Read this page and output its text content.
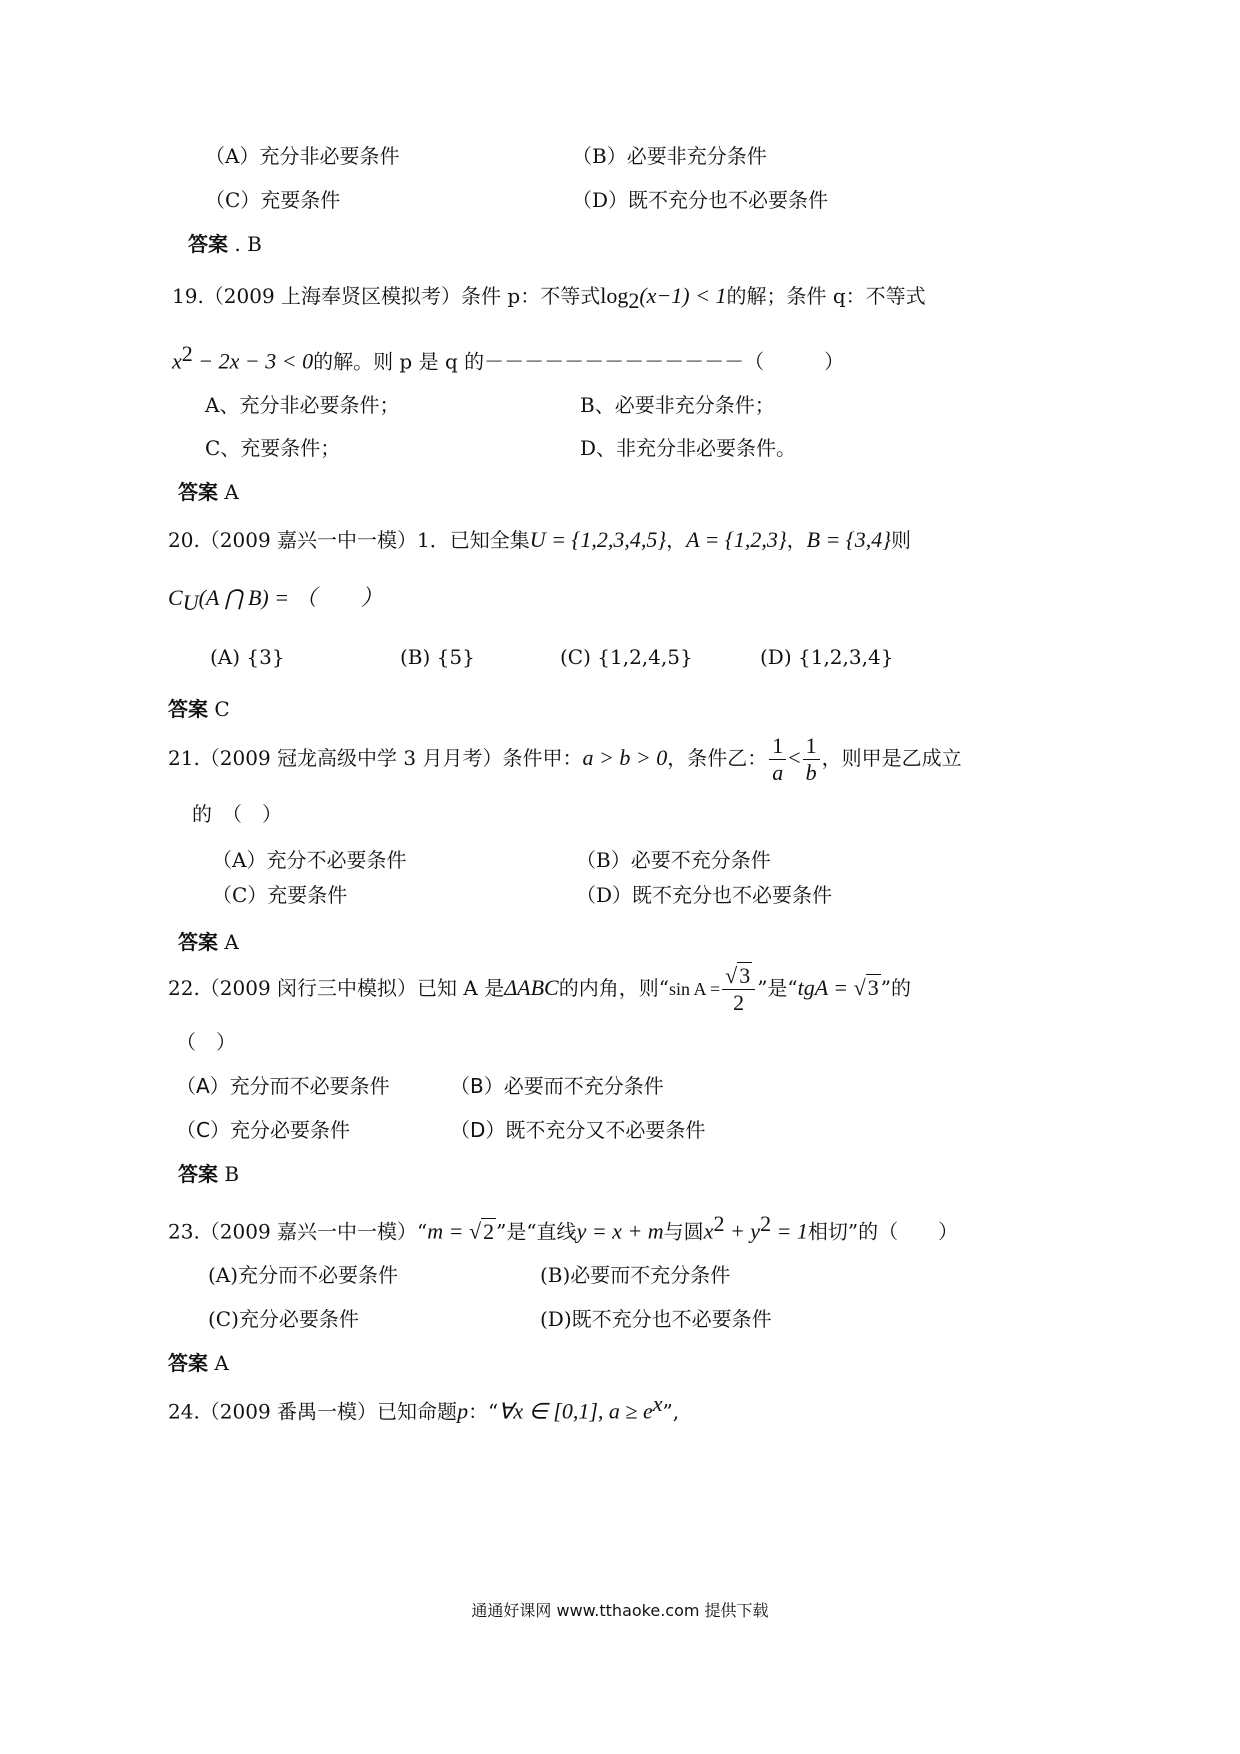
（A）充分非必要条件	（B）必要非充分条件
（C）充要条件	（D）既不充分也不必要条件
答案 . B
19.（2009 上海奉贤区模拟考）条件 p：不等式$\log_2(x-1) < 1$的解；条件 q：不等式
$x^2 - 2x - 3 < 0$的解。则 p 是 q 的－－－－－－－－－－－－－（　　　）
A、充分非必要条件；	B、必要非充分条件；
C、充要条件；	D、非充分非必要条件。
答案 A
20.（2009 嘉兴一中一模）1．已知全集U = {1,2,3,4,5}，A = {1,2,3}，B = {3,4}则
$C_U(A$ ⋂ B) = （　　）
(A) {3}	(B) {5}	(C) {1,2,4,5}	(D) {1,2,3,4}
答案 C
21.（2009 冠龙高级中学 3 月月考）条件甲：a > b > 0，条件乙： $\frac{1}{a} < \frac{1}{b}$ ，则甲是乙成立
的　（　）
（A）充分不必要条件	（B）必要不充分条件
（C）充要条件	（D）既不充分也不必要条件
答案 A
22.（2009 闵行三中模拟）已知 A 是ΔABC的内角，则“sin $A = \frac{√3}{2}$ ”是“tgA = √3 ”的
（　）
（A）充分而不必要条件	（B）必要而不充分条件
（C）充分必要条件	（D）既不充分又不必要条件
答案 B
23.（2009 嘉兴一中一模）“m = √2 ”是“直线y = x + m与圆$x^2 + y^2 = 1$相切”的（　　）
(A)充分而不必要条件	(B)必要而不充分条件
(C)充分必要条件	(D)既不充分也不必要条件
答案 A
24.（2009 番禺一模）已知命题p：“∀x ∈ [0,1], $a \ge e^x$”,
通通好课网 www.tthaoke.com 提供下载
